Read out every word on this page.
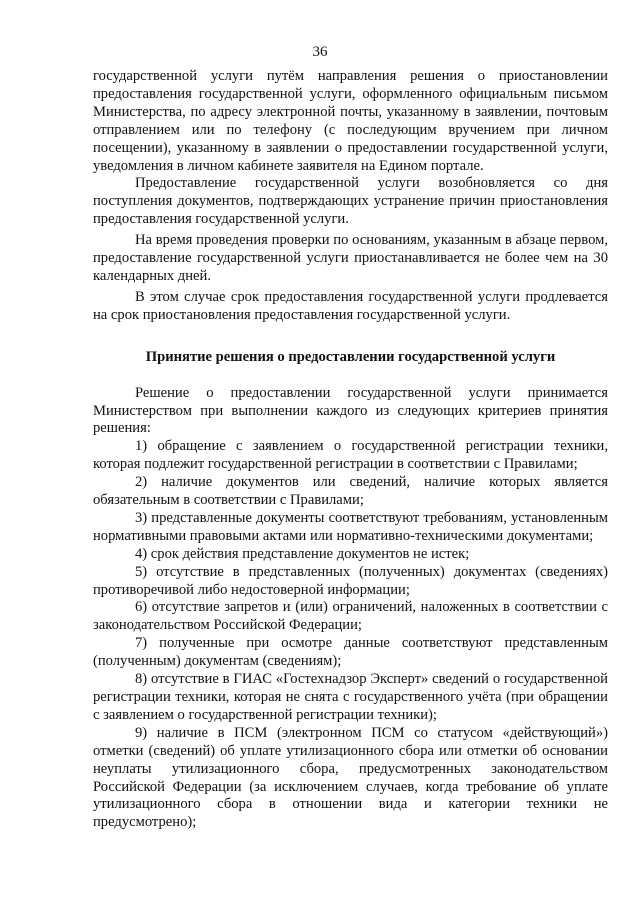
36

государственной услуги путём направления решения о приостановлении предоставления государственной услуги, оформленного официальным письмом Министерства, по адресу электронной почты, указанному в заявлении, почтовым отправлением или по телефону (с последующим вручением при личном посещении), указанному в заявлении о предоставлении государственной услуги, уведомления в личном кабинете заявителя на Едином портале.

Предоставление государственной услуги возобновляется со дня поступления документов, подтверждающих устранение причин приостановления предоставления государственной услуги.

На время проведения проверки по основаниям, указанным в абзаце первом, предоставление государственной услуги приостанавливается не более чем на 30 календарных дней.

В этом случае срок предоставления государственной услуги продлевается на срок приостановления предоставления государственной услуги.

Принятие решения о предоставлении государственной услуги

Решение о предоставлении государственной услуги принимается Министерством при выполнении каждого из следующих критериев принятия решения:

1) обращение с заявлением о государственной регистрации техники, которая подлежит государственной регистрации в соответствии с Правилами;

2) наличие документов или сведений, наличие которых является обязательным в соответствии с Правилами;

3) представленные документы соответствуют требованиям, установленным нормативными правовыми актами или нормативно-техническими документами;

4) срок действия представление документов не истек;

5) отсутствие в представленных (полученных) документах (сведениях) противоречивой либо недостоверной информации;

6) отсутствие запретов и (или) ограничений, наложенных в соответствии с законодательством Российской Федерации;

7) полученные при осмотре данные соответствуют представленным (полученным) документам (сведениям);

8) отсутствие в ГИАС «Гостехнадзор Эксперт» сведений о государственной регистрации техники, которая не снята с государственного учёта (при обращении с заявлением о государственной регистрации техники);

9) наличие в ПСМ (электронном ПСМ со статусом «действующий») отметки (сведений) об уплате утилизационного сбора или отметки об основании неуплаты утилизационного сбора, предусмотренных законодательством Российской Федерации (за исключением случаев, когда требование об уплате утилизационного сбора в отношении вида и категории техники не предусмотрено);
